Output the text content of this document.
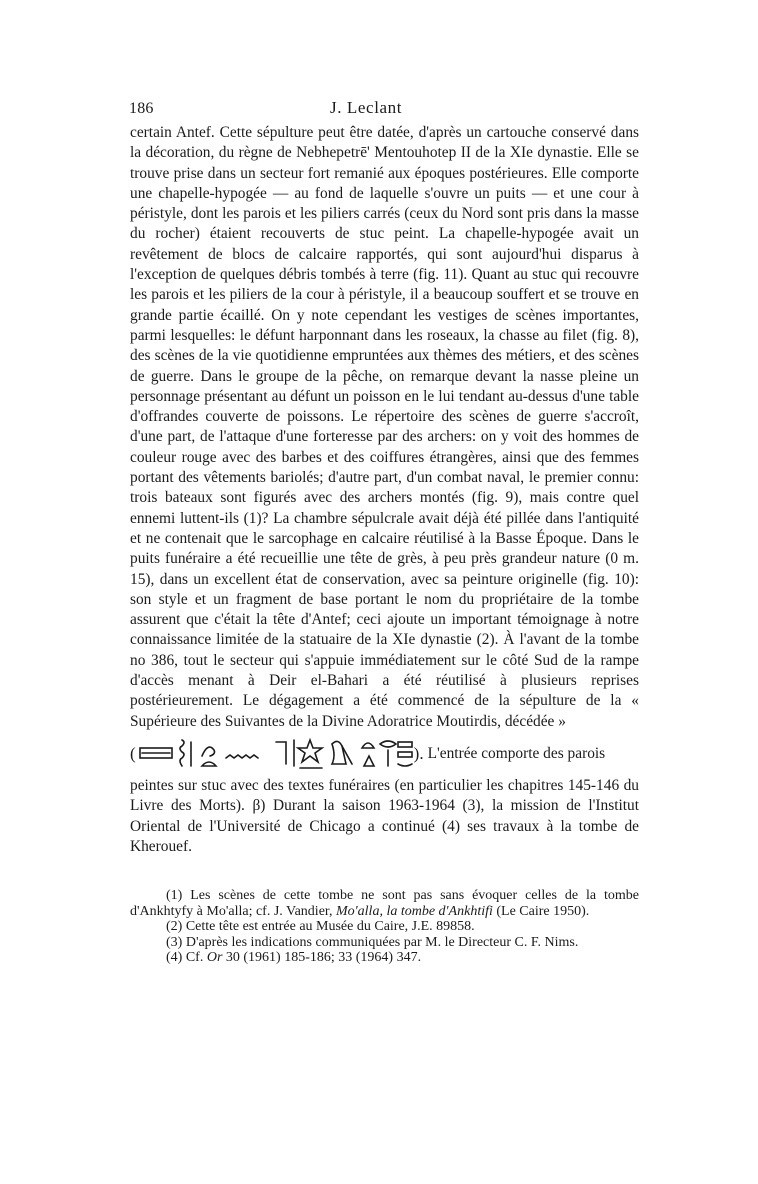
186	J. Leclant

certain Antef. Cette sépulture peut être datée, d'après un cartouche conservé dans la décoration, du règne de Nebhepetrē' Mentouhotep II de la XIe dynastie. Elle se trouve prise dans un secteur fort remanié aux époques postérieures. Elle comporte une chapelle-hypogée — au fond de laquelle s'ouvre un puits — et une cour à péristyle, dont les parois et les piliers carrés (ceux du Nord sont pris dans la masse du rocher) étaient recouverts de stuc peint. La chapelle-hypogée avait un revêtement de blocs de calcaire rapportés, qui sont aujourd'hui disparus à l'exception de quelques débris tombés à terre (fig. 11). Quant au stuc qui recouvre les parois et les piliers de la cour à péristyle, il a beaucoup souffert et se trouve en grande partie écaillé. On y note cependant les vestiges de scènes importantes, parmi lesquelles: le défunt harponnant dans les roseaux, la chasse au filet (fig. 8), des scènes de la vie quotidienne empruntées aux thèmes des métiers, et des scènes de guerre. Dans le groupe de la pêche, on remarque devant la nasse pleine un personnage présentant au défunt un poisson en le lui tendant au-dessus d'une table d'offrandes couverte de poissons. Le répertoire des scènes de guerre s'accroît, d'une part, de l'attaque d'une forteresse par des archers: on y voit des hommes de couleur rouge avec des barbes et des coiffures étrangères, ainsi que des femmes portant des vêtements bariolés; d'autre part, d'un combat naval, le premier connu: trois bateaux sont figurés avec des archers montés (fig. 9), mais contre quel ennemi luttent-ils (1)? La chambre sépulcrale avait déjà été pillée dans l'antiquité et ne contenait que le sarcophage en calcaire réutilisé à la Basse Époque. Dans le puits funéraire a été recueillie une tête de grès, à peu près grandeur nature (0 m. 15), dans un excellent état de conservation, avec sa peinture originelle (fig. 10): son style et un fragment de base portant le nom du propriétaire de la tombe assurent que c'était la tête d'Antef; ceci ajoute un important témoignage à notre connaissance limitée de la statuaire de la XIe dynastie (2). À l'avant de la tombe no 386, tout le secteur qui s'appuie immédiatement sur le côté Sud de la rampe d'accès menant à Deir el-Bahari a été réutilisé à plusieurs reprises postérieurement. Le dégagement a été commencé de la sépulture de la « Supérieure des Suivantes de la Divine Adoratrice Moutirdis, décédée »

(	). L'entrée comporte des parois

peintes sur stuc avec des textes funéraires (en particulier les chapitres 145-146 du Livre des Morts). β) Durant la saison 1963-1964 (3), la mission de l'Institut Oriental de l'Université de Chicago a continué (4) ses travaux à la tombe de Kherouef.

(1) Les scènes de cette tombe ne sont pas sans évoquer celles de la tombe d'Ankhtyfy à Mo'alla; cf. J. Vandier, Mo'alla, la tombe d'Ankhtifi (Le Caire 1950).

(2) Cette tête est entrée au Musée du Caire, J.E. 89858.

(3) D'après les indications communiquées par M. le Directeur C. F. Nims.

(4) Cf. Or 30 (1961) 185-186; 33 (1964) 347.
